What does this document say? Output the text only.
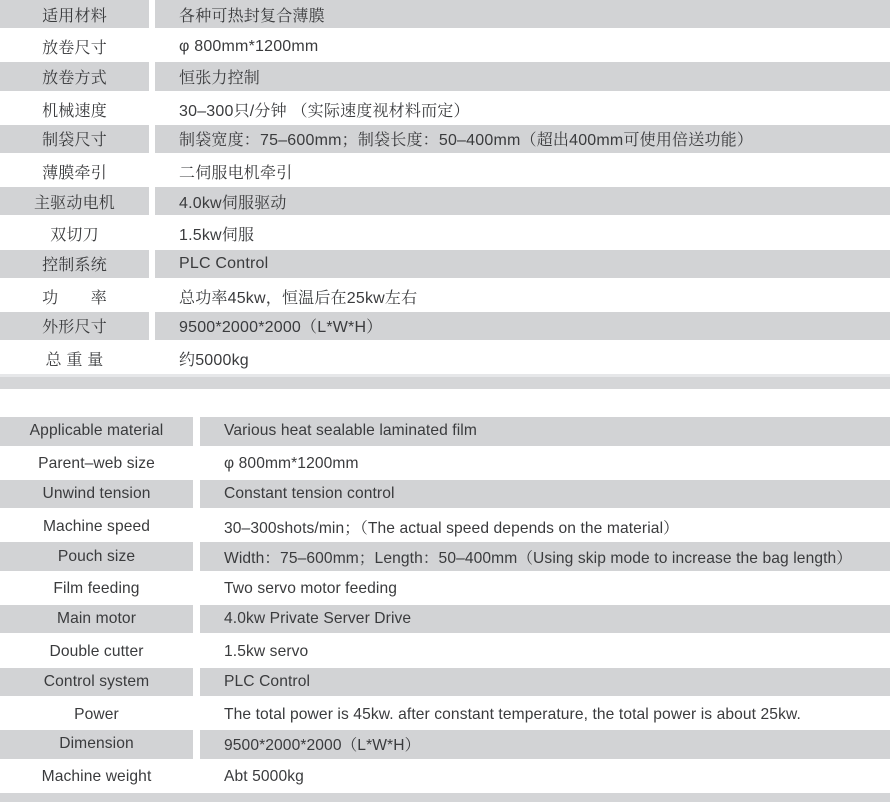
适用材料	各种可热封复合薄膜
放卷尺寸	φ 800mm*1200mm
放卷方式	恒张力控制
机械速度	30–300只/分钟 （实际速度视材料而定）
制袋尺寸	制袋宽度：75–600mm；制袋长度：50–400mm（超出400mm可使用倍送功能）
薄膜牵引	二伺服电机牵引
主驱动电机	4.0kw伺服驱动
双切刀	1.5kw伺服
控制系统	PLC Control
功　　率	总功率45kw，恒温后在25kw左右
外形尺寸	9500*2000*2000（L*W*H）
总 重 量	约5000kg
Applicable material	Various heat sealable laminated film
Parent–web size	φ 800mm*1200mm
Unwind tension	Constant tension control
Machine speed	30–300shots/min；（The actual speed depends on the material）
Pouch size	Width：75–600mm；Length：50–400mm（Using skip mode to increase the bag length）
Film feeding	Two servo motor feeding
Main motor	4.0kw Private Server Drive
Double cutter	1.5kw servo
Control system	PLC Control
Power	The total power is 45kw. after constant temperature, the total power is about 25kw.
Dimension	9500*2000*2000（L*W*H）
Machine weight	Abt 5000kg
